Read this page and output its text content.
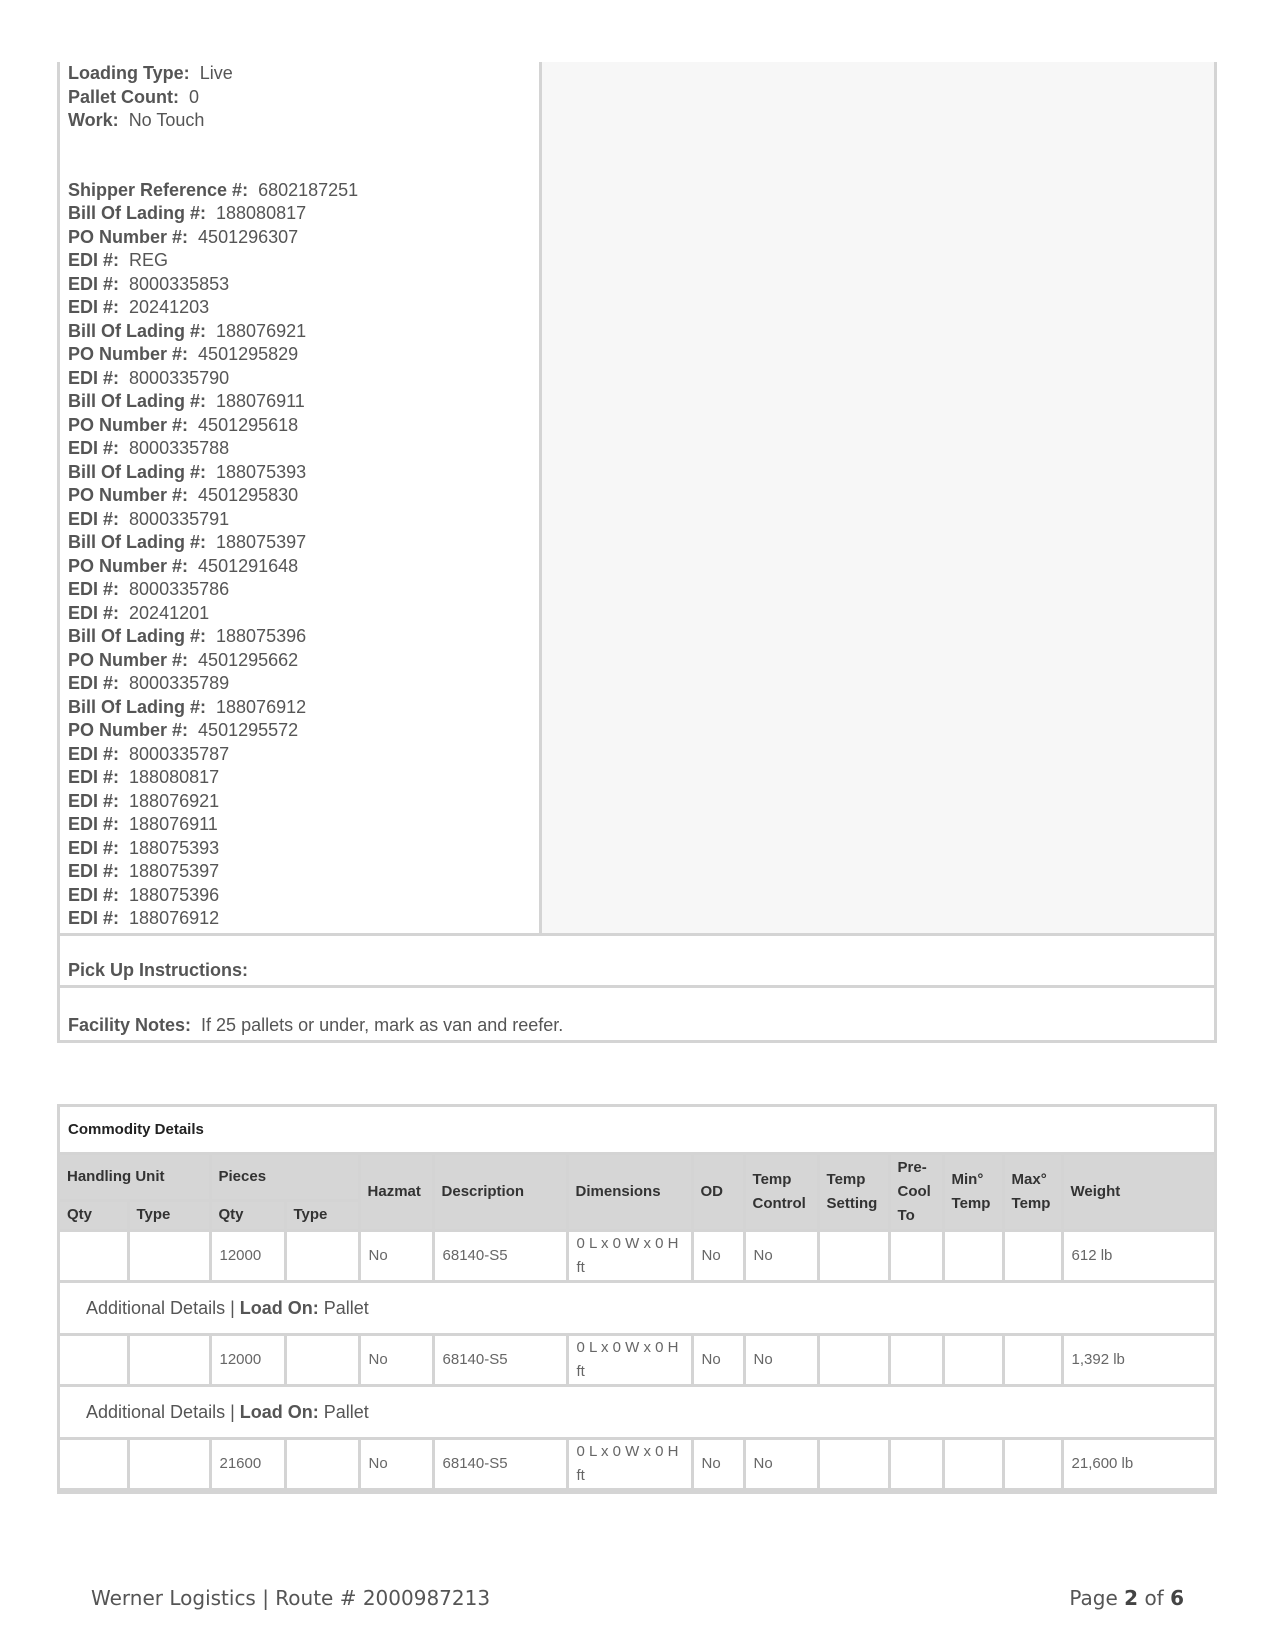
Loading Type: Live
Pallet Count: 0
Work: No Touch
Shipper Reference #: 6802187251
Bill Of Lading #: 188080817
PO Number #: 4501296307
EDI #: REG
EDI #: 8000335853
EDI #: 20241203
Bill Of Lading #: 188076921
PO Number #: 4501295829
EDI #: 8000335790
Bill Of Lading #: 188076911
PO Number #: 4501295618
EDI #: 8000335788
Bill Of Lading #: 188075393
PO Number #: 4501295830
EDI #: 8000335791
Bill Of Lading #: 188075397
PO Number #: 4501291648
EDI #: 8000335786
EDI #: 20241201
Bill Of Lading #: 188075396
PO Number #: 4501295662
EDI #: 8000335789
Bill Of Lading #: 188076912
PO Number #: 4501295572
EDI #: 8000335787
EDI #: 188080817
EDI #: 188076921
EDI #: 188076911
EDI #: 188075393
EDI #: 188075397
EDI #: 188075396
EDI #: 188076912
Pick Up Instructions:
Facility Notes: If 25 pallets or under, mark as van and reefer.
Commodity Details
Handling Unit		Pieces		Hazmat	Description	Dimensions	OD	Temp Control	Temp Setting	Pre-Cool To	Min° Temp	Max° Temp	Weight
Qty	Type	Qty	Type										
		12000		No	68140-S5	0 L x 0 W x 0 H ft	No	No					612 lb
Additional Details | Load On: Pallet													
		12000		No	68140-S5	0 L x 0 W x 0 H ft	No	No					1,392 lb
Additional Details | Load On: Pallet													
		21600		No	68140-S5	0 L x 0 W x 0 H ft	No	No					21,600 lb
Werner Logistics | Route # 2000987213	Page 2 of 6
